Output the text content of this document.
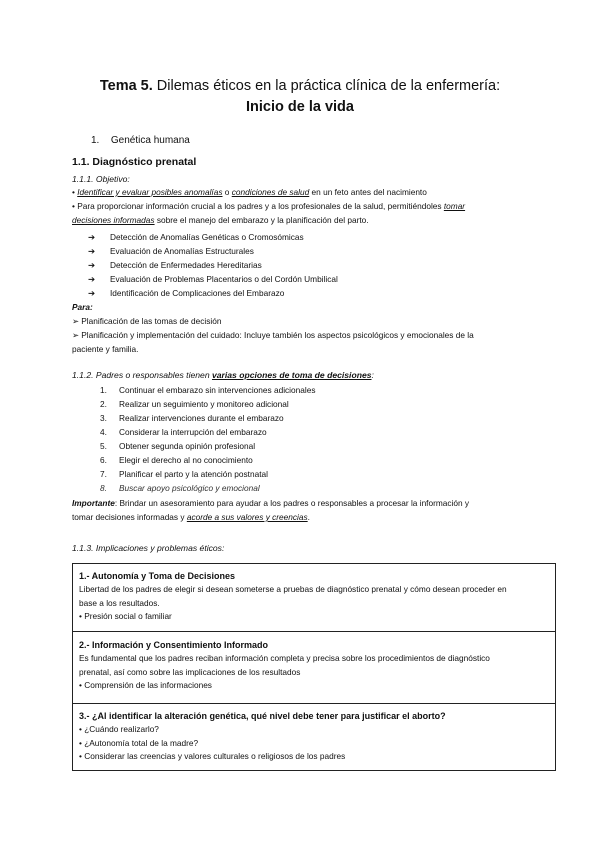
Tema 5. Dilemas éticos en la práctica clínica de la enfermería:
Inicio de la vida
1. Genética humana
1.1. Diagnóstico prenatal
1.1.1. Objetivo:
• Identificar y evaluar posibles anomalías o condiciones de salud en un feto antes del nacimiento
• Para proporcionar información crucial a los padres y a los profesionales de la salud, permitiéndoles tomar
decisiones informadas sobre el manejo del embarazo y la planificación del parto.
➔ Detección de Anomalías Genéticas o Cromosómicas
➔ Evaluación de Anomalías Estructurales
➔ Detección de Enfermedades Hereditarias
➔ Evaluación de Problemas Placentarios o del Cordón Umbilical
➔ Identificación de Complicaciones del Embarazo
Para:
➢ Planificación de las tomas de decisión
➢ Planificación y implementación del cuidado: Incluye también los aspectos psicológicos y emocionales de la
paciente y familia.
1.1.2. Padres o responsables tienen varias opciones de toma de decisiones:
1. Continuar el embarazo sin intervenciones adicionales
2. Realizar un seguimiento y monitoreo adicional
3. Realizar intervenciones durante el embarazo
4. Considerar la interrupción del embarazo
5. Obtener segunda opinión profesional
6. Elegir el derecho al no conocimiento
7. Planificar el parto y la atención postnatal
8. Buscar apoyo psicológico y emocional
Importante: Brindar un asesoramiento para ayudar a los padres o responsables a procesar la información y
tomar decisiones informadas y acorde a sus valores y creencias.
1.1.3. Implicaciones y problemas éticos:
1.- Autonomía y Toma de Decisiones
Libertad de los padres de elegir si desean someterse a pruebas de diagnóstico prenatal y cómo desean proceder en
base a los resultados.
• Presión social o familiar
2.- Información y Consentimiento Informado
Es fundamental que los padres reciban información completa y precisa sobre los procedimientos de diagnóstico
prenatal, así como sobre las implicaciones de los resultados
• Comprensión de las informaciones
3.- ¿Al identificar la alteración genética, qué nivel debe tener para justificar el aborto?
• ¿Cuándo realizarlo?
• ¿Autonomía total de la madre?
• Considerar las creencias y valores culturales o religiosos de los padres
